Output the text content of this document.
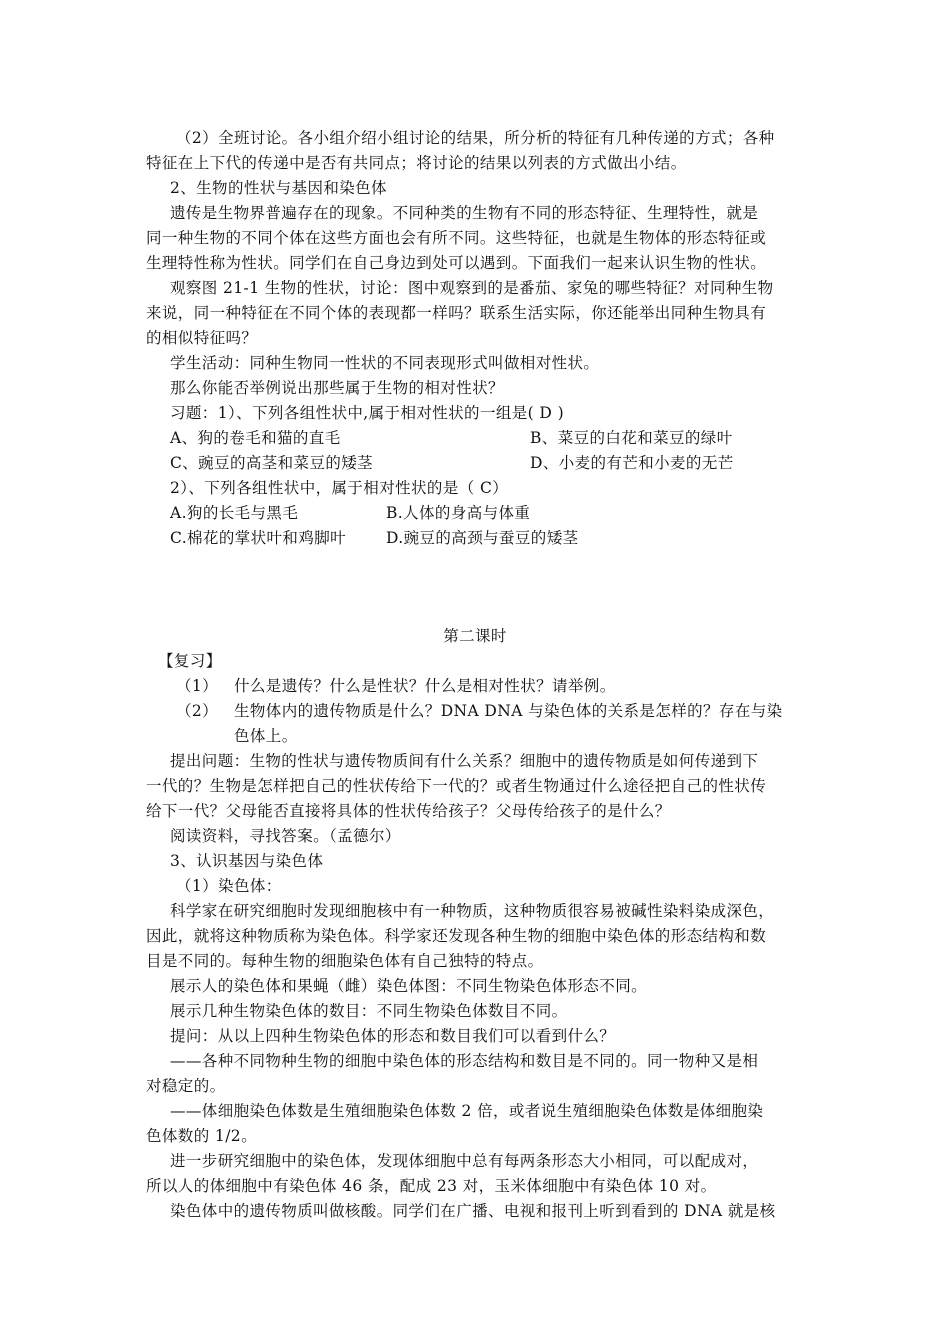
（2）全班讨论。各小组介绍小组讨论的结果，所分析的特征有几种传递的方式；各种
特征在上下代的传递中是否有共同点；将讨论的结果以列表的方式做出小结。
2、生物的性状与基因和染色体
遗传是生物界普遍存在的现象。不同种类的生物有不同的形态特征、生理特性，就是
同一种生物的不同个体在这些方面也会有所不同。这些特征，也就是生物体的形态特征或
生理特性称为性状。同学们在自己身边到处可以遇到。下面我们一起来认识生物的性状。
观察图 21-1 生物的性状，讨论：图中观察到的是番茄、家兔的哪些特征？对同种生物
来说，同一种特征在不同个体的表现都一样吗？联系生活实际，你还能举出同种生物具有
的相似特征吗？
学生活动：同种生物同一性状的不同表现形式叫做相对性状。
那么你能否举例说出那些属于生物的相对性状？
习题：1）、下列各组性状中,属于相对性状的一组是( D )
A、狗的卷毛和猫的直毛	B、菜豆的白花和菜豆的绿叶
C、豌豆的高茎和菜豆的矮茎	D、小麦的有芒和小麦的无芒
2）、下列各组性状中，属于相对性状的是（ C）
A.狗的长毛与黑毛	B.人体的身高与体重
C.棉花的掌状叶和鸡脚叶	D.豌豆的高颈与蚕豆的矮茎
第二课时
【复习】
（1） 什么是遗传？什么是性状？什么是相对性状？请举例。
（2） 生物体内的遗传物质是什么？DNA DNA 与染色体的关系是怎样的？存在与染
色体上。
提出问题：生物的性状与遗传物质间有什么关系？细胞中的遗传物质是如何传递到下
一代的？生物是怎样把自己的性状传给下一代的？或者生物通过什么途径把自己的性状传
给下一代？父母能否直接将具体的性状传给孩子？父母传给孩子的是什么？
阅读资料，寻找答案。（孟德尔）
3、认识基因与染色体
（1）染色体：
科学家在研究细胞时发现细胞核中有一种物质，这种物质很容易被碱性染料染成深色，
因此，就将这种物质称为染色体。科学家还发现各种生物的细胞中染色体的形态结构和数
目是不同的。每种生物的细胞染色体有自己独特的特点。
展示人的染色体和果蝇（雌）染色体图：不同生物染色体形态不同。
展示几种生物染色体的数目：不同生物染色体数目不同。
提问：从以上四种生物染色体的形态和数目我们可以看到什么？
——各种不同物种生物的细胞中染色体的形态结构和数目是不同的。同一物种又是相
对稳定的。
——体细胞染色体数是生殖细胞染色体数 2 倍，或者说生殖细胞染色体数是体细胞染
色体数的 1/2。
进一步研究细胞中的染色体，发现体细胞中总有每两条形态大小相同，可以配成对，
所以人的体细胞中有染色体 46 条，配成 23 对，玉米体细胞中有染色体 10 对。
染色体中的遗传物质叫做核酸。同学们在广播、电视和报刊上听到看到的 DNA 就是核
